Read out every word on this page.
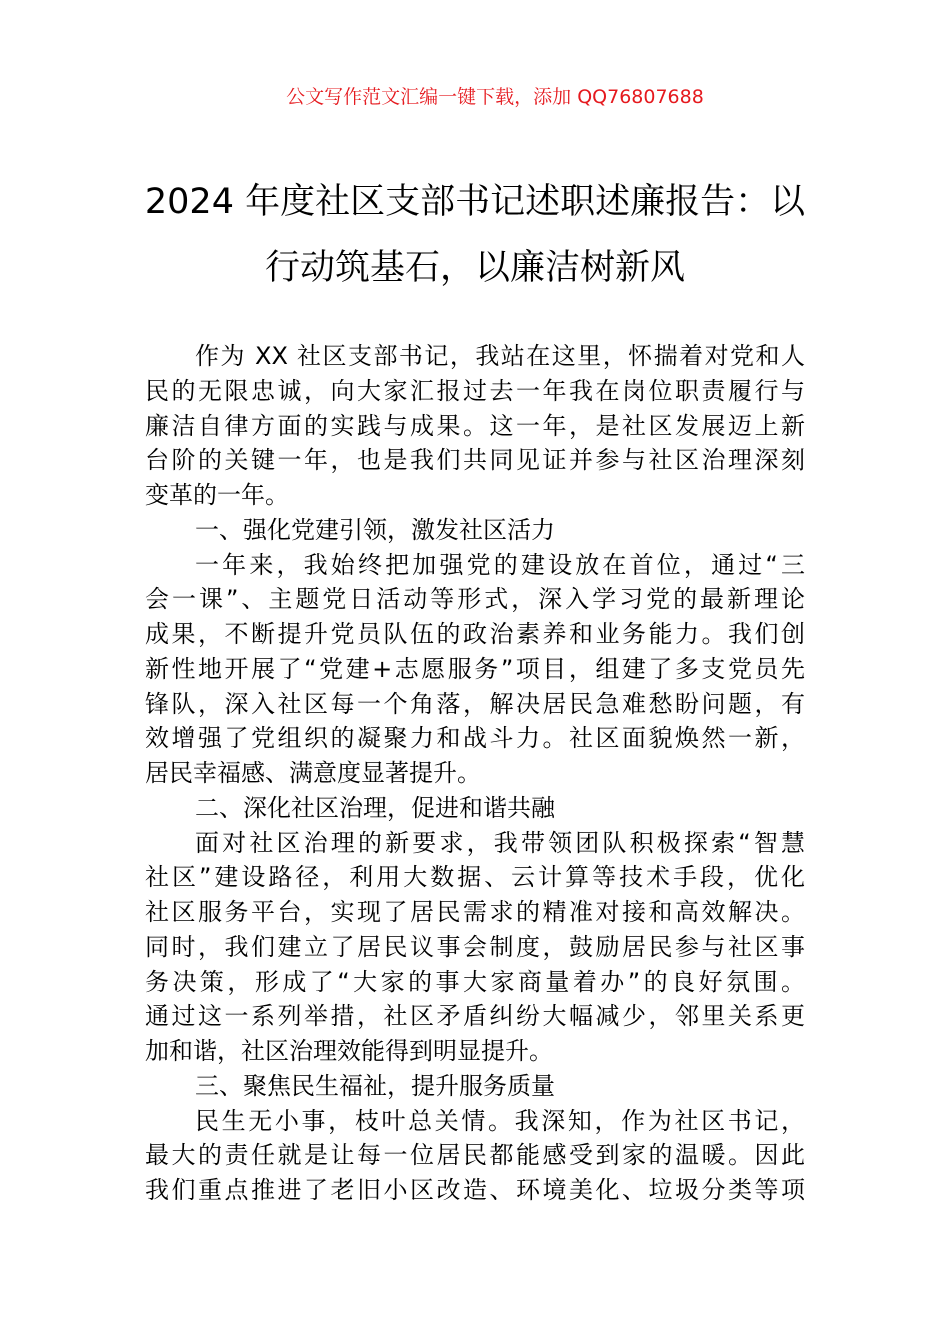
公文写作范文汇编一键下载，添加 QQ76807688
2024 年度社区支部书记述职述廉报告：以
行动筑基石，以廉洁树新风
作为 XX 社区支部书记，我站在这里，怀揣着对党和人
民的无限忠诚，向大家汇报过去一年我在岗位职责履行与
廉洁自律方面的实践与成果。这一年，是社区发展迈上新
台阶的关键一年，也是我们共同见证并参与社区治理深刻
变革的一年。
一、强化党建引领，激发社区活力
一年来，我始终把加强党的建设放在首位，通过“三
会一课”、主题党日活动等形式，深入学习党的最新理论
成果，不断提升党员队伍的政治素养和业务能力。我们创
新性地开展了“党建+志愿服务”项目，组建了多支党员先
锋队，深入社区每一个角落，解决居民急难愁盼问题，有
效增强了党组织的凝聚力和战斗力。社区面貌焕然一新，
居民幸福感、满意度显著提升。
二、深化社区治理，促进和谐共融
面对社区治理的新要求，我带领团队积极探索“智慧
社区”建设路径，利用大数据、云计算等技术手段，优化
社区服务平台，实现了居民需求的精准对接和高效解决。
同时，我们建立了居民议事会制度，鼓励居民参与社区事
务决策，形成了“大家的事大家商量着办”的良好氛围。
通过这一系列举措，社区矛盾纠纷大幅减少，邻里关系更
加和谐，社区治理效能得到明显提升。
三、聚焦民生福祉，提升服务质量
民生无小事，枝叶总关情。我深知，作为社区书记，
最大的责任就是让每一位居民都能感受到家的温暖。因此
我们重点推进了老旧小区改造、环境美化、垃圾分类等项
